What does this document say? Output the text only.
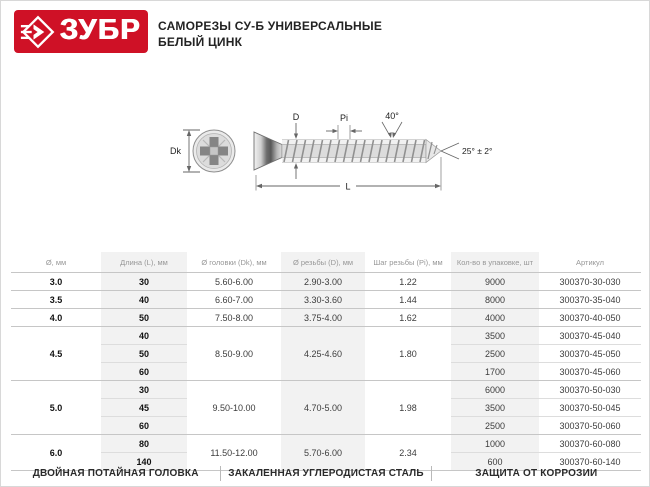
ЗУБР САМОРЕЗЫ СУ-Б УНИВЕРСАЛЬНЫЕ
БЕЛЫЙ ЦИНК
Dk
D	Pi	40°
25° ± 2°
L
Ø, мм	Длина (L), мм	Ø головки (Dk), мм	Ø резьбы (D), мм	Шаг резьбы (Pi), мм	Кол-во в упаковке, шт	Артикул
3.0	30	5.60-6.00	2.90-3.00	1.22	9000	300370-30-030
3.5	40	6.60-7.00	3.30-3.60	1.44	8000	300370-35-040
4.0	50	7.50-8.00	3.75-4.00	1.62	4000	300370-40-050
4.5	40	8.50-9.00	4.25-4.60	1.80	3500	300370-45-040
	50				2500	300370-45-050
	60				1700	300370-45-060
5.0	30	9.50-10.00	4.70-5.00	1.98	6000	300370-50-030
	45				3500	300370-50-045
	60				2500	300370-50-060
6.0	80	11.50-12.00	5.70-6.00	2.34	1000	300370-60-080
	140				600	300370-60-140
ДВОЙНАЯ ПОТАЙНАЯ ГОЛОВКА	ЗАКАЛЕННАЯ УГЛЕРОДИСТАЯ СТАЛЬ	ЗАЩИТА ОТ КОРРОЗИИ
